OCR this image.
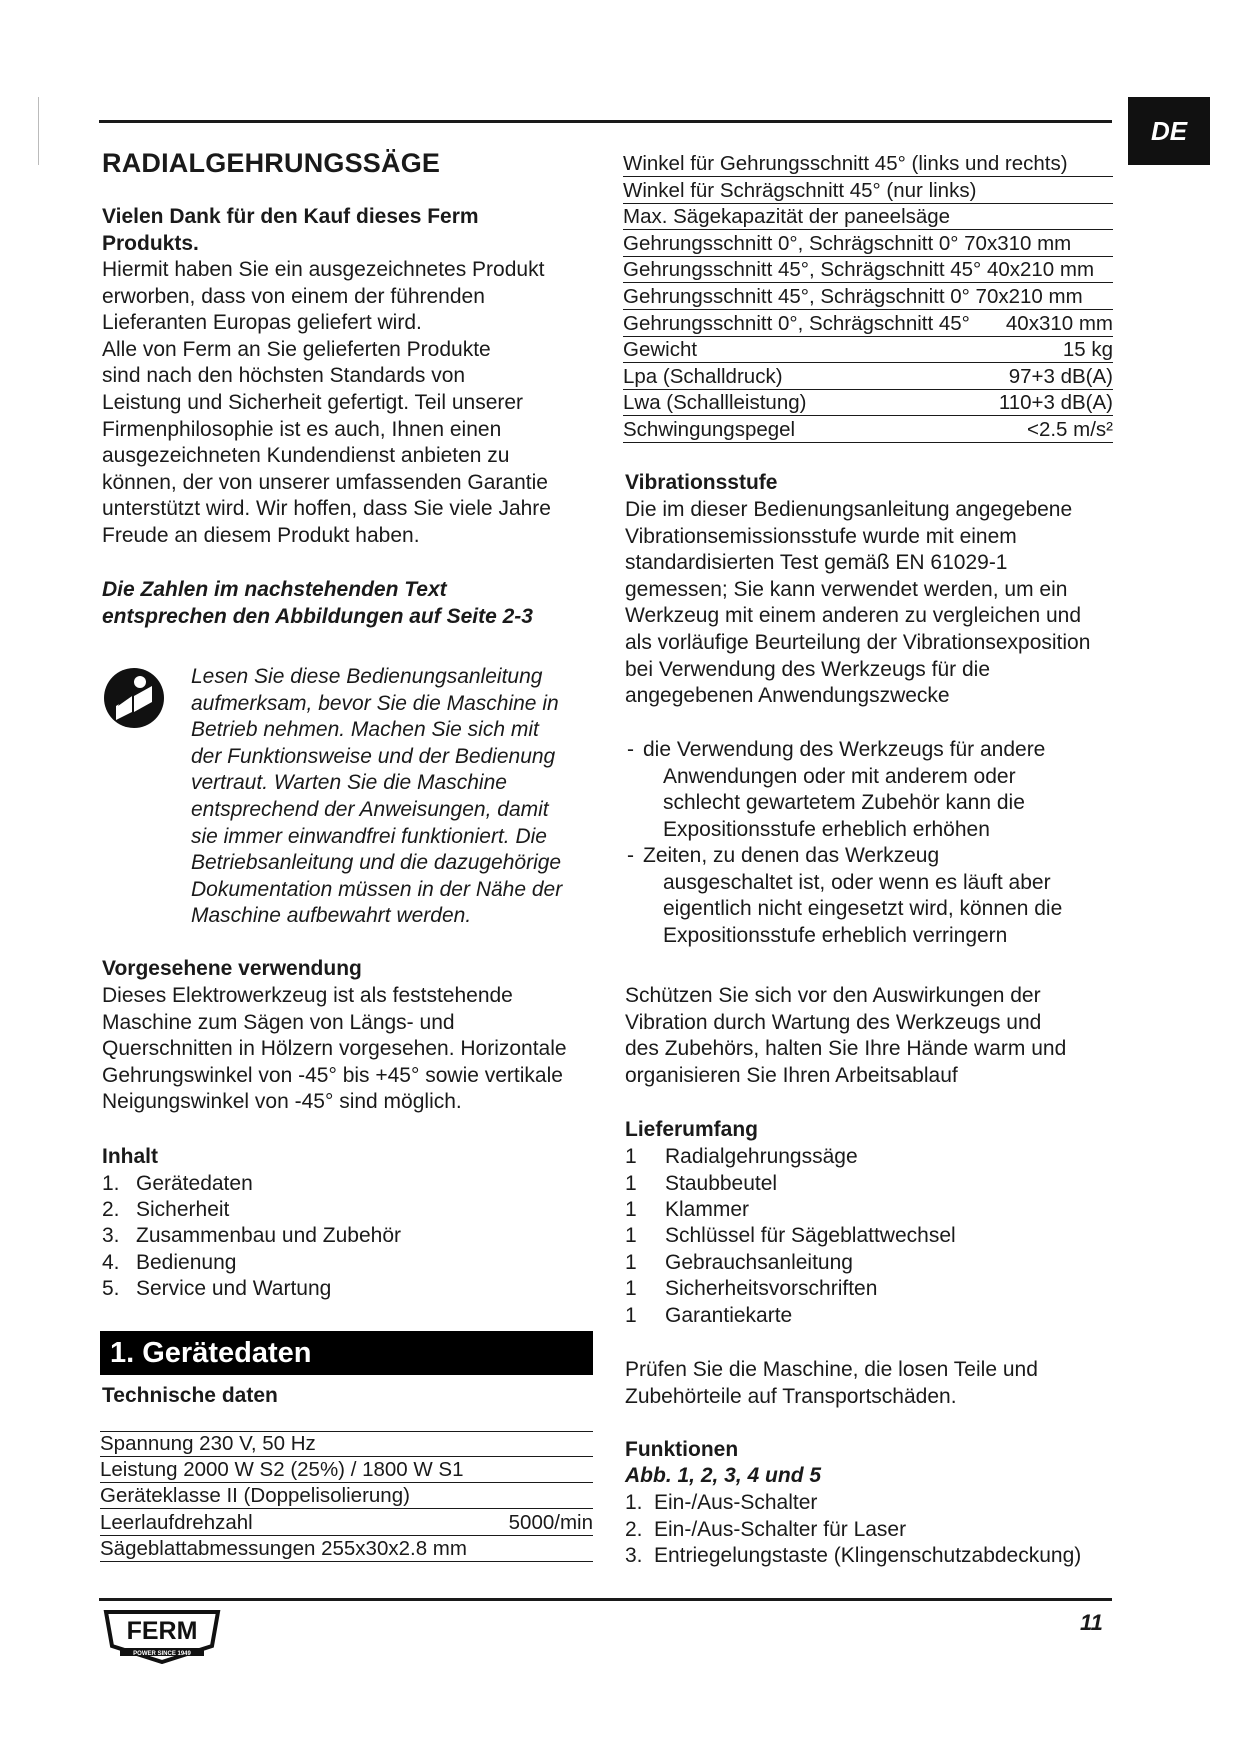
DE
RADIALGEHRUNGSSÄGE

Vielen Dank für den Kauf dieses Ferm

Produkts.

Hiermit haben Sie ein ausgezeichnetes Produkt

erworben, dass von einem der führenden

Lieferanten Europas geliefert wird.

Alle von Ferm an Sie gelieferten Produkte

sind nach den höchsten Standards von

Leistung und Sicherheit gefertigt. Teil unserer

Firmenphilosophie ist es auch, Ihnen einen

ausgezeichneten Kundendienst anbieten zu

können, der von unserer umfassenden Garantie

unterstützt wird. Wir hoffen, dass Sie viele Jahre

Freude an diesem Produkt haben.

Die Zahlen im nachstehenden Text

entsprechen den Abbildungen auf Seite 2-3

Lesen Sie diese Bedienungsanleitung

aufmerksam, bevor Sie die Maschine in

Betrieb nehmen. Machen Sie sich mit

der Funktionsweise und der Bedienung

vertraut. Warten Sie die Maschine

entsprechend der Anweisungen, damit

sie immer einwandfrei funktioniert. Die

Betriebsanleitung und die dazugehörige

Dokumentation müssen in der Nähe der

Maschine aufbewahrt werden.

Vorgesehene verwendung

Dieses Elektrowerkzeug ist als feststehende

Maschine zum Sägen von Längs- und

Querschnitten in Hölzern vorgesehen. Horizontale

Gehrungswinkel von -45° bis +45° sowie vertikale

Neigungswinkel von -45° sind möglich.

Inhalt
1. Gerätedaten
2. Sicherheit
3. Zusammenbau und Zubehör
4. Bedienung
5. Service und Wartung
1. Gerätedaten
Technische daten
Spannung 230 V, 50 Hz
Leistung 2000 W S2 (25%) / 1800 W S1
Geräteklasse II (Doppelisolierung)
Leerlaufdrehzahl	5000/min
Sägeblattabmessungen 255x30x2.8 mm
Winkel für Gehrungsschnitt 45° (links und rechts)
Winkel für Schrägschnitt 45° (nur links)
Max. Sägekapazität der paneelsäge
Gehrungsschnitt 0°, Schrägschnitt 0° 70x310 mm
Gehrungsschnitt 45°, Schrägschnitt 45° 40x210 mm
Gehrungsschnitt 45°, Schrägschnitt 0° 70x210 mm
Gehrungsschnitt 0°, Schrägschnitt 45° 40x310 mm
Gewicht	15 kg
Lpa (Schalldruck)	97+3 dB(A)
Lwa (Schallleistung)	110+3 dB(A)
Schwingungspegel	<2.5 m/s²
Vibrationsstufe

Die im dieser Bedienungsanleitung angegebene

Vibrationsemissionsstufe wurde mit einem

standardisierten Test gemäß EN 61029-1

gemessen; Sie kann verwendet werden, um ein

Werkzeug mit einem anderen zu vergleichen und

als vorläufige Beurteilung der Vibrationsexposition

bei Verwendung des Werkzeugs für die

angegebenen Anwendungszwecke

- die Verwendung des Werkzeugs für andere

Anwendungen oder mit anderem oder

schlecht gewartetem Zubehör kann die

Expositionsstufe erheblich erhöhen

- Zeiten, zu denen das Werkzeug

ausgeschaltet ist, oder wenn es läuft aber

eigentlich nicht eingesetzt wird, können die

Expositionsstufe erheblich verringern

Schützen Sie sich vor den Auswirkungen der

Vibration durch Wartung des Werkzeugs und

des Zubehörs, halten Sie Ihre Hände warm und

organisieren Sie Ihren Arbeitsablauf

Lieferumfang
1	Radialgehrungssäge
1	Staubbeutel
1	Klammer
1	Schlüssel für Sägeblattwechsel
1	Gebrauchsanleitung
1	Sicherheitsvorschriften
1	Garantiekarte

Prüfen Sie die Maschine, die losen Teile und

Zubehörteile auf Transportschäden.

Funktionen
Abb. 1, 2, 3, 4 und 5
1. Ein-/Aus-Schalter
2. Ein-/Aus-Schalter für Laser
3. Entriegelungstaste (Klingenschutzabdeckung)
FERM
POWER SINCE 1949
11
